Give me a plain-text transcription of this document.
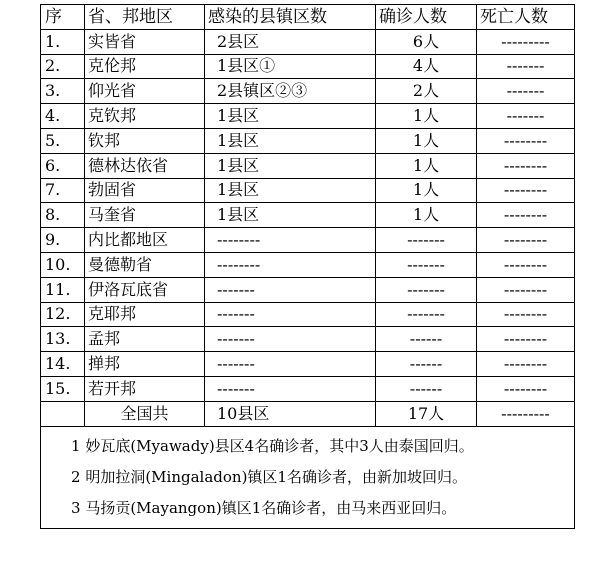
序	省、邦地区	感染的县镇区数	确诊人数	死亡人数
1.	实皆省	2县区	6人	---------
2.	克伦邦	1县区①	4人	-------
3.	仰光省	2县镇区②③	2人	-------
4.	克钦邦	1县区	1人	-------
5.	钦邦	1县区	1人	--------
6.	德林达依省	1县区	1人	--------
7.	勃固省	1县区	1人	--------
8.	马奎省	1县区	1人	--------
9.	内比都地区	--------	-------	--------
10.	曼德勒省	--------	-------	--------
11.	伊洛瓦底省	-------	-------	--------
12.	克耶邦	-------	-------	--------
13.	孟邦	-------	------	--------
14.	掸邦	-------	------	--------
15.	若开邦	-------	------	--------
	全国共	10县区	17人	---------

1 妙瓦底(Myawady)县区4名确诊者，其中3人由泰国回归。
2 明加拉洞(Mingaladon)镇区1名确诊者，由新加坡回归。
3 马扬贡(Mayangon)镇区1名确诊者，由马来西亚回归。				
